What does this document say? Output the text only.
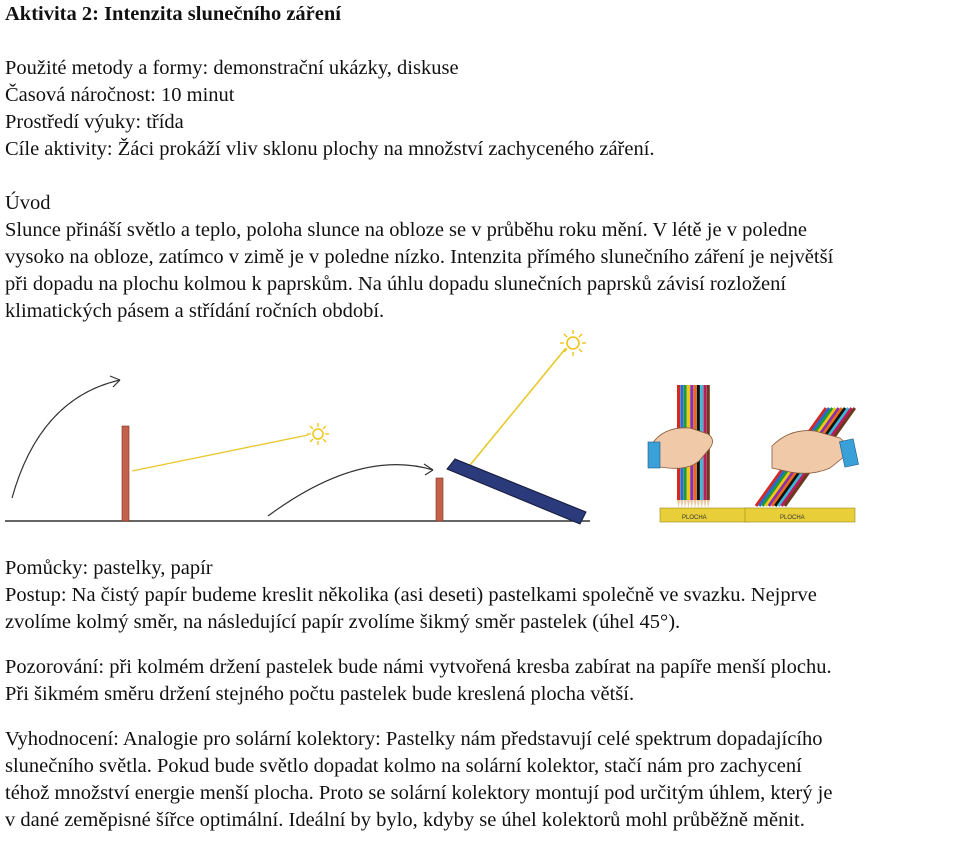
Aktivita 2: Intenzita slunečního záření

Použité metody a formy: demonstrační ukázky, diskuse

Časová náročnost: 10 minut

Prostředí výuky: třída

Cíle aktivity: Žáci prokáží vliv sklonu plochy na množství zachyceného záření.

Úvod

Slunce přináší světlo a teplo, poloha slunce na obloze se v průběhu roku mění. V létě je v poledne

vysoko na obloze, zatímco v zimě je v poledne nízko. Intenzita přímého slunečního záření je největší

při dopadu na plochu kolmou k paprskům. Na úhlu dopadu slunečních paprsků závisí rozložení

klimatických pásem a střídání ročních období.

PLOCHA	PLOCHA

Pomůcky: pastelky, papír

Postup: Na čistý papír budeme kreslit několika (asi deseti) pastelkami společně ve svazku. Nejprve

zvolíme kolmý směr, na následující papír zvolíme šikmý směr pastelek (úhel 45°).

Pozorování: při kolmém držení pastelek bude námi vytvořená kresba zabírat na papíře menší plochu.

Při šikmém směru držení stejného počtu pastelek bude kreslená plocha větší.

Vyhodnocení: Analogie pro solární kolektory: Pastelky nám představují celé spektrum dopadajícího

slunečního světla. Pokud bude světlo dopadat kolmo na solární kolektor, stačí nám pro zachycení

téhož množství energie menší plocha. Proto se solární kolektory montují pod určitým úhlem, který je

v dané zeměpisné šířce optimální. Ideální by bylo, kdyby se úhel kolektorů mohl průběžně měnit.
